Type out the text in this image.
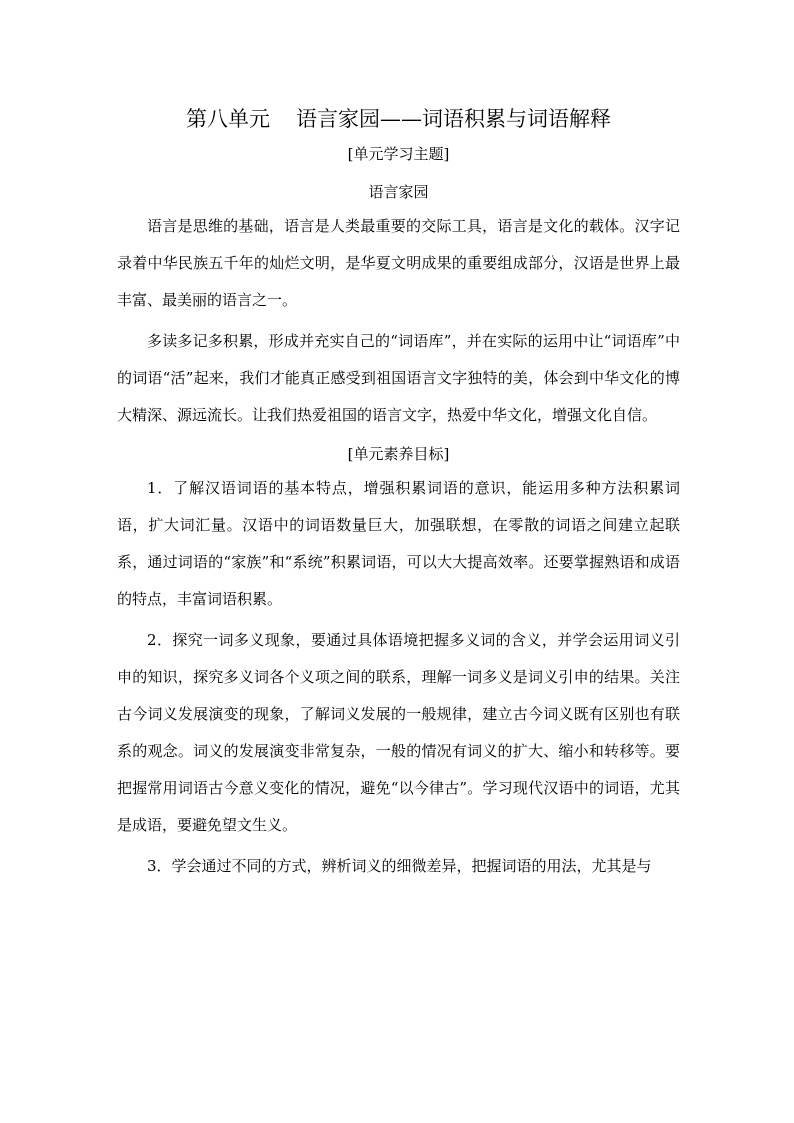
第八单元 语言家园——词语积累与词语解释
[单元学习主题]
语言家园

语言是思维的基础，语言是人类最重要的交际工具，语言是文化的载体。汉字记录着中华民族五千年的灿烂文明，是华夏文明成果的重要组成部分，汉语是世界上最丰富、最美丽的语言之一。

多读多记多积累，形成并充实自己的“词语库”，并在实际的运用中让“词语库”中的词语“活”起来，我们才能真正感受到祖国语言文字独特的美，体会到中华文化的博大精深、源远流长。让我们热爱祖国的语言文字，热爱中华文化，增强文化自信。

[单元素养目标]

1．了解汉语词语的基本特点，增强积累词语的意识，能运用多种方法积累词语，扩大词汇量。汉语中的词语数量巨大，加强联想，在零散的词语之间建立起联系，通过词语的“家族”和“系统”积累词语，可以大大提高效率。还要掌握熟语和成语的特点，丰富词语积累。

2．探究一词多义现象，要通过具体语境把握多义词的含义，并学会运用词义引申的知识，探究多义词各个义项之间的联系，理解一词多义是词义引申的结果。关注古今词义发展演变的现象，了解词义发展的一般规律，建立古今词义既有区别也有联系的观念。词义的发展演变非常复杂，一般的情况有词义的扩大、缩小和转移等。要把握常用词语古今意义变化的情况，避免“以今律古”。学习现代汉语中的词语，尤其是成语，要避免望文生义。

3．学会通过不同的方式，辨析词义的细微差异，把握词语的用法，尤其是与
